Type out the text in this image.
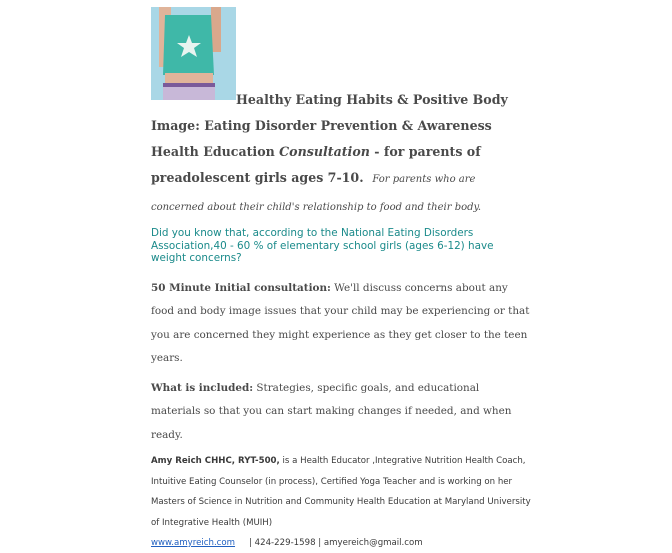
Healthy Eating Habits & Positive Body Image: Eating Disorder Prevention & Awareness Health Education Consultation - for parents of preadolescent girls ages 7-10. For parents who are concerned about their child's relationship to food and their body.

Did you know that, according to the National Eating Disorders Association,40 - 60 % of elementary school girls (ages 6-12) have weight concerns?

50 Minute Initial consultation: We'll discuss concerns about any food and body image issues that your child may be experiencing or that you are concerned they might experience as they get closer to the teen years.

What is included: Strategies, specific goals, and educational materials so that you can start making changes if needed, and when ready.

Amy Reich CHHC, RYT-500, is a Health Educator ,Integrative Nutrition Health Coach, Intuitive Eating Counselor (in process), Certified Yoga Teacher and is working on her Masters of Science in Nutrition and Community Health Education at Maryland University of Integrative Health (MUIH)

www.amyreich.com | 424-229-1598 | amyereich@gmail.com
